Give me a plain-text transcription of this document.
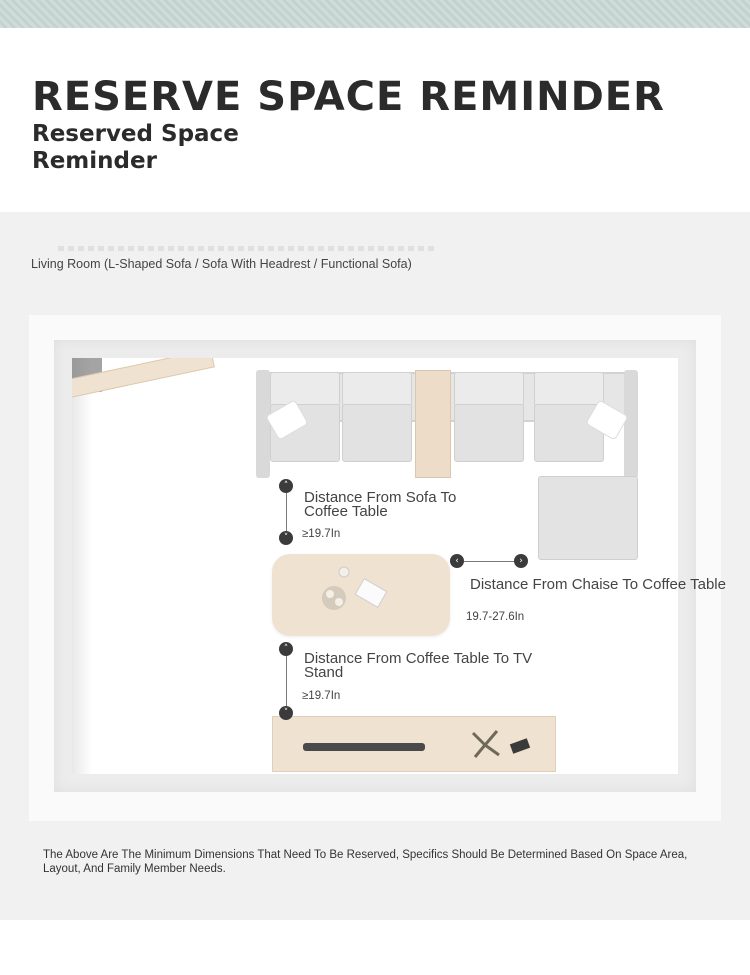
RESERVE SPACE REMINDER
Reserved Space Reminder
Living Room (L-Shaped Sofa / Sofa With Headrest / Functional Sofa)
˄
˅
Distance From Sofa To Coffee Table
≥19.7In
‹	›
Distance From Chaise To Coffee Table
19.7-27.6In
˄
˅
Distance From Coffee Table To TV Stand
≥19.7In
The Above Are The Minimum Dimensions That Need To Be Reserved, Specifics Should Be Determined Based On Space Area, Layout, And Family Member Needs.
